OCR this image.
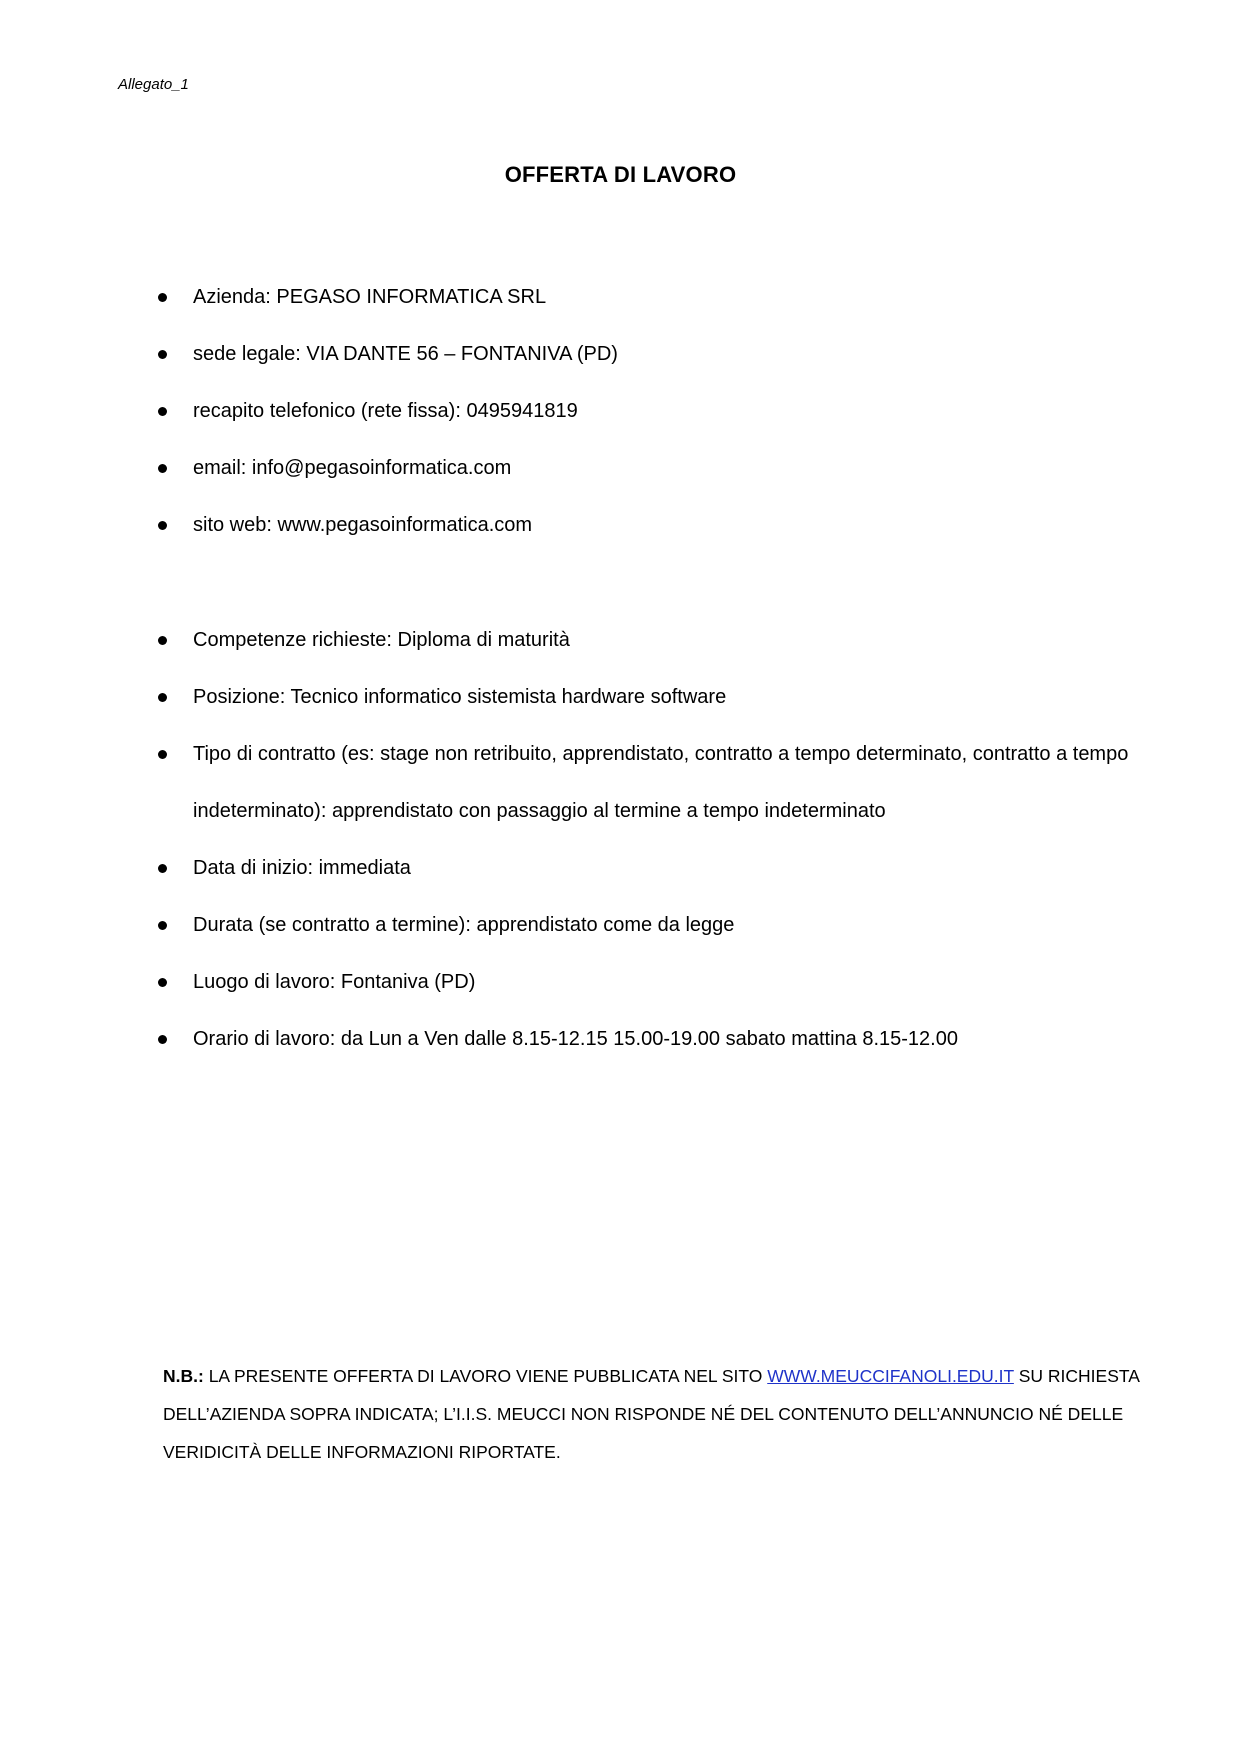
Allegato_1
OFFERTA DI LAVORO
Azienda: PEGASO INFORMATICA SRL
sede legale: VIA DANTE 56 – FONTANIVA (PD)
recapito telefonico (rete fissa): 0495941819
email: info@pegasoinformatica.com
sito web: www.pegasoinformatica.com
Competenze richieste: Diploma di maturità
Posizione: Tecnico informatico sistemista hardware software
Tipo di contratto (es: stage non retribuito, apprendistato, contratto a tempo determinato, contratto a tempo indeterminato): apprendistato con passaggio al termine a tempo indeterminato
Data di inizio: immediata
Durata (se contratto a termine): apprendistato come da legge
Luogo di lavoro: Fontaniva (PD)
Orario di lavoro: da Lun a Ven dalle 8.15-12.15 15.00-19.00 sabato mattina 8.15-12.00
N.B.: LA PRESENTE OFFERTA DI LAVORO VIENE PUBBLICATA NEL SITO WWW.MEUCCIFANOLI.EDU.IT SU RICHIESTA DELL’AZIENDA SOPRA INDICATA; L’I.I.S. MEUCCI NON RISPONDE NÉ DEL CONTENUTO DELL’ANNUNCIO NÉ DELLE VERIDICITÀ DELLE INFORMAZIONI RIPORTATE.
